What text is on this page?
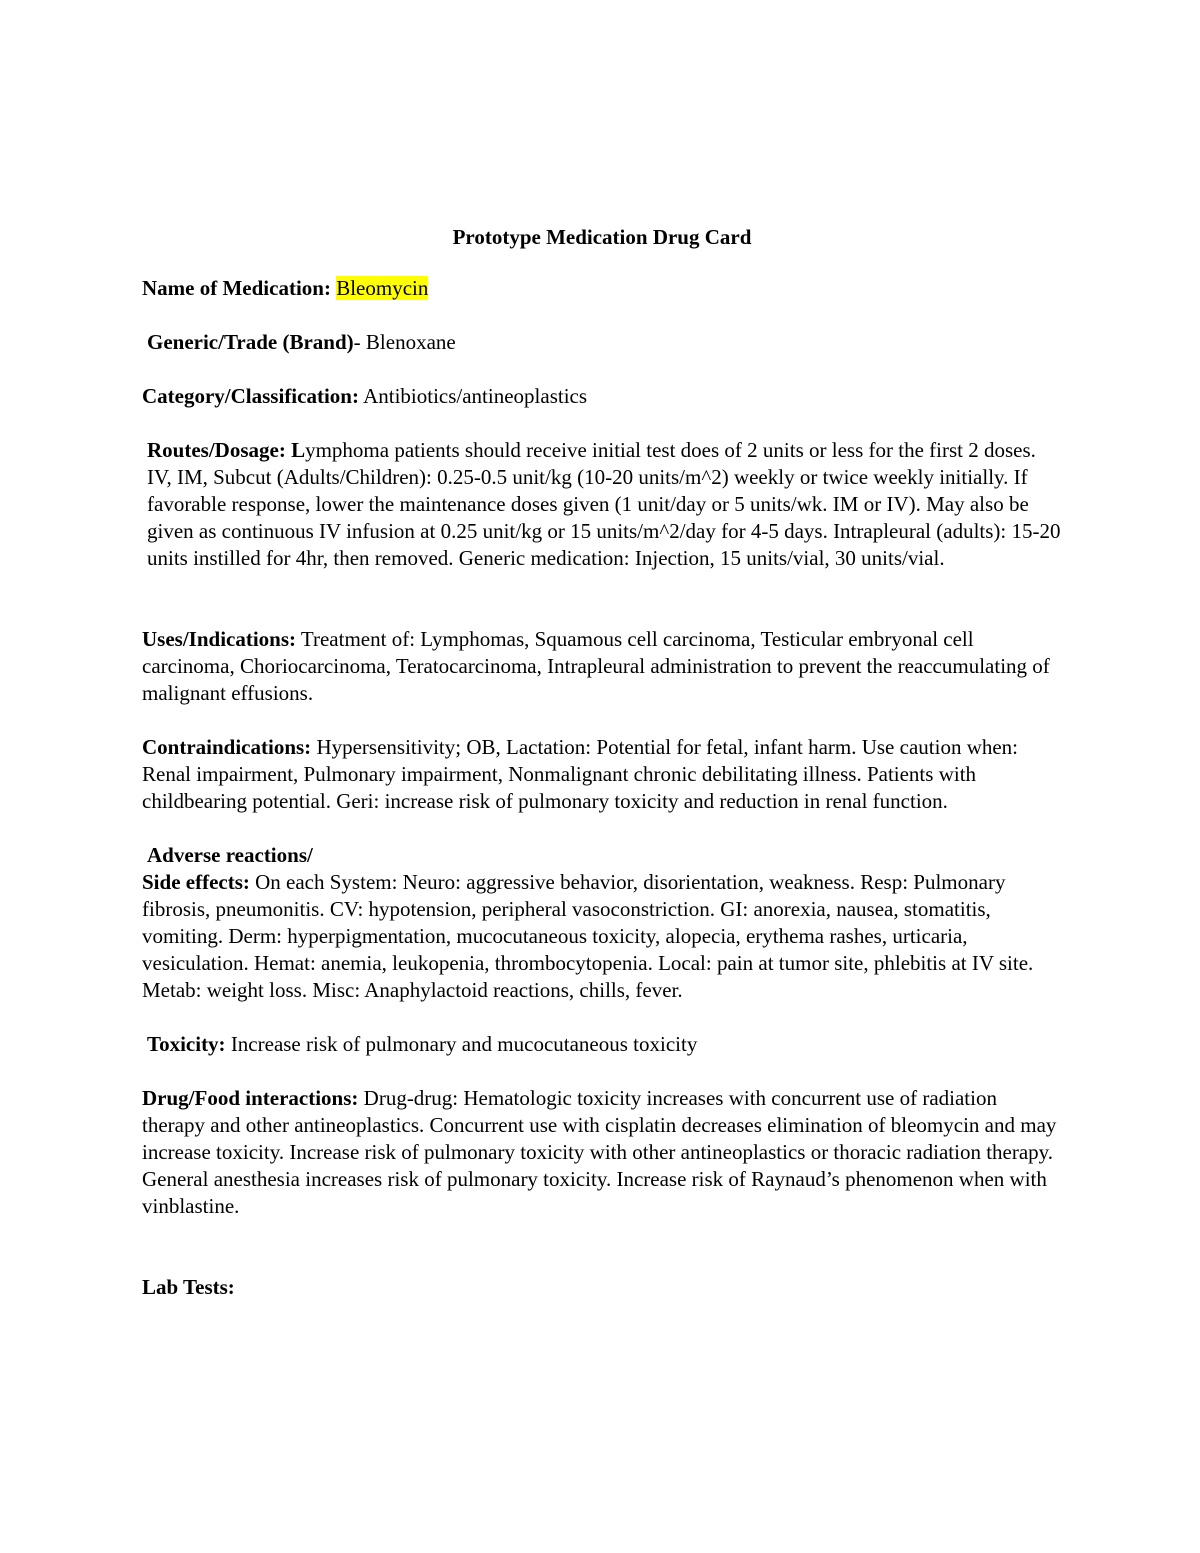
Prototype Medication Drug Card

Name of Medication: Bleomycin

Generic/Trade (Brand)- Blenoxane

Category/Classification: Antibiotics/antineoplastics

Routes/Dosage: Lymphoma patients should receive initial test does of 2 units or less for the first 2 doses. IV, IM, Subcut (Adults/Children): 0.25-0.5 unit/kg (10-20 units/m^2) weekly or twice weekly initially. If favorable response, lower the maintenance doses given (1 unit/day or 5 units/wk. IM or IV). May also be given as continuous IV infusion at 0.25 unit/kg or 15 units/m^2/day for 4-5 days. Intrapleural (adults): 15-20 units instilled for 4hr, then removed. Generic medication: Injection, 15 units/vial, 30 units/vial.

Uses/Indications: Treatment of: Lymphomas, Squamous cell carcinoma, Testicular embryonal cell carcinoma, Choriocarcinoma, Teratocarcinoma, Intrapleural administration to prevent the reaccumulating of malignant effusions.

Contraindications: Hypersensitivity; OB, Lactation: Potential for fetal, infant harm. Use caution when: Renal impairment, Pulmonary impairment, Nonmalignant chronic debilitating illness. Patients with childbearing potential. Geri: increase risk of pulmonary toxicity and reduction in renal function.

Adverse reactions/
Side effects: On each System: Neuro: aggressive behavior, disorientation, weakness. Resp: Pulmonary fibrosis, pneumonitis. CV: hypotension, peripheral vasoconstriction. GI: anorexia, nausea, stomatitis, vomiting. Derm: hyperpigmentation, mucocutaneous toxicity, alopecia, erythema rashes, urticaria, vesiculation. Hemat: anemia, leukopenia, thrombocytopenia. Local: pain at tumor site, phlebitis at IV site. Metab: weight loss. Misc: Anaphylactoid reactions, chills, fever.

Toxicity: Increase risk of pulmonary and mucocutaneous toxicity

Drug/Food interactions: Drug-drug: Hematologic toxicity increases with concurrent use of radiation therapy and other antineoplastics. Concurrent use with cisplatin decreases elimination of bleomycin and may increase toxicity. Increase risk of pulmonary toxicity with other antineoplastics or thoracic radiation therapy. General anesthesia increases risk of pulmonary toxicity. Increase risk of Raynaud’s phenomenon when with vinblastine.

Lab Tests:
